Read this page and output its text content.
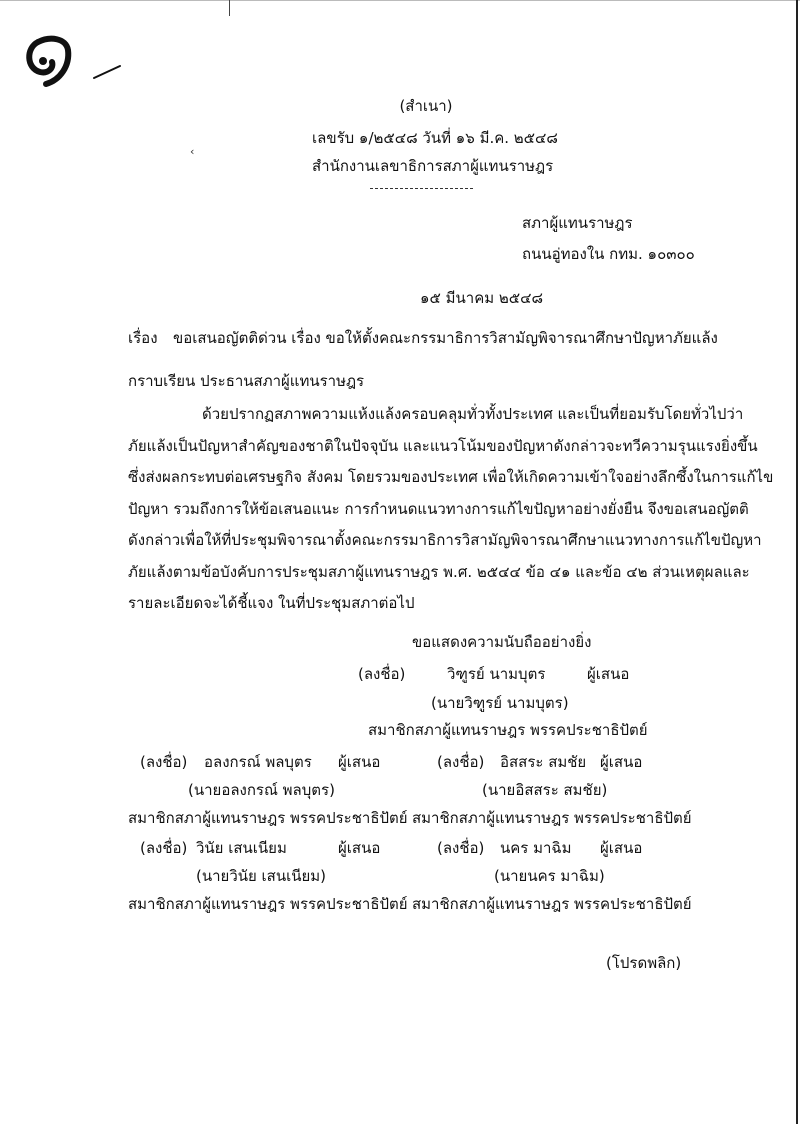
‹
(สำเนา)
เลขรับ ๑/๒๕๔๘ วันที่ ๑๖ มี.ค. ๒๕๔๘
สำนักงานเลขาธิการสภาผู้แทนราษฎร
สภาผู้แทนราษฎร
ถนนอู่ทองใน กทม. ๑๐๓๐๐
๑๕ มีนาคม ๒๕๔๘
เรื่อง ขอเสนอญัตติด่วน เรื่อง ขอให้ตั้งคณะกรรมาธิการวิสามัญพิจารณาศึกษาปัญหาภัยแล้ง
กราบเรียน ประธานสภาผู้แทนราษฎร
ด้วยปรากฏสภาพความแห้งแล้งครอบคลุมทั่วทั้งประเทศ และเป็นที่ยอมรับโดยทั่วไปว่า
ภัยแล้งเป็นปัญหาสำคัญของชาติในปัจจุบัน และแนวโน้มของปัญหาดังกล่าวจะทวีความรุนแรงยิ่งขึ้น
ซึ่งส่งผลกระทบต่อเศรษฐกิจ สังคม โดยรวมของประเทศ เพื่อให้เกิดความเข้าใจอย่างลึกซึ้งในการแก้ไข
ปัญหา รวมถึงการให้ข้อเสนอแนะ การกำหนดแนวทางการแก้ไขปัญหาอย่างยั่งยืน จึงขอเสนอญัตติ
ดังกล่าวเพื่อให้ที่ประชุมพิจารณาตั้งคณะกรรมาธิการวิสามัญพิจารณาศึกษาแนวทางการแก้ไขปัญหา
ภัยแล้งตามข้อบังคับการประชุมสภาผู้แทนราษฎร พ.ศ. ๒๕๔๔ ข้อ ๔๑ และข้อ ๔๒ ส่วนเหตุผลและ
รายละเอียดจะได้ชี้แจง ในที่ประชุมสภาต่อไป
ขอแสดงความนับถืออย่างยิ่ง
(ลงชื่อ)	วิฑูรย์ นามบุตร	ผู้เสนอ
(นายวิฑูรย์ นามบุตร)
สมาชิกสภาผู้แทนราษฎร พรรคประชาธิปัตย์
(ลงชื่อ) อลงกรณ์ พลบุตร ผู้เสนอ	(ลงชื่อ) อิสสระ สมชัย ผู้เสนอ
(นายอลงกรณ์ พลบุตร)	(นายอิสสระ สมชัย)
สมาชิกสภาผู้แทนราษฎร พรรคประชาธิปัตย์ สมาชิกสภาผู้แทนราษฎร พรรคประชาธิปัตย์
(ลงชื่อ) วินัย เสนเนียม	ผู้เสนอ	(ลงชื่อ) นคร มาฉิม ผู้เสนอ
(นายวินัย เสนเนียม)	(นายนคร มาฉิม)
สมาชิกสภาผู้แทนราษฎร พรรคประชาธิปัตย์ สมาชิกสภาผู้แทนราษฎร พรรคประชาธิปัตย์
(โปรดพลิก)
